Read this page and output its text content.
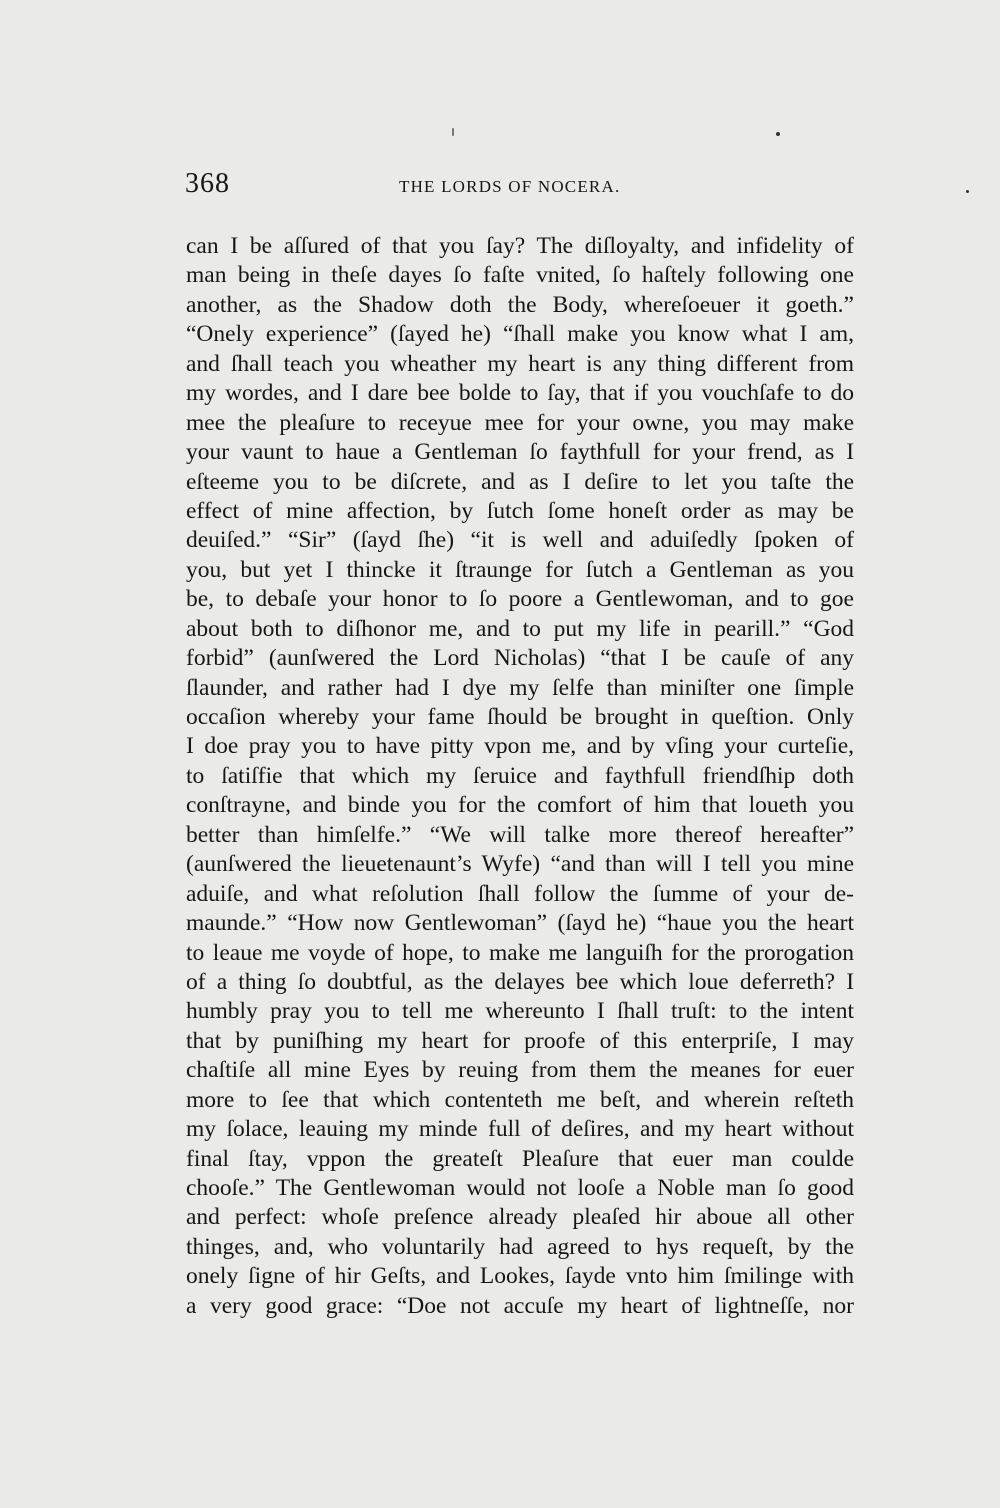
368	THE LORDS OF NOCERA.
can I be aſſured of that you ſay? The diſloyalty, and infidelity of
man being in theſe dayes ſo faſte vnited, ſo haſtely following one
another, as the Shadow doth the Body, whereſoeuer it goeth.”
“Onely experience” (ſayed he) “ſhall make you know what I am,
and ſhall teach you wheather my heart is any thing different from
my wordes, and I dare bee bolde to ſay, that if you vouchſafe to do
mee the pleaſure to receyue mee for your owne, you may make
your vaunt to haue a Gentleman ſo faythfull for your frend, as I
eſteeme you to be diſcrete, and as I deſire to let you taſte the
effect of mine affection, by ſutch ſome honeſt order as may be
deuiſed.” “Sir” (ſayd ſhe) “it is well and aduiſedly ſpoken of
you, but yet I thincke it ſtraunge for ſutch a Gentleman as you
be, to debaſe your honor to ſo poore a Gentlewoman, and to goe
about both to diſhonor me, and to put my life in pearill.” “God
forbid” (aunſwered the Lord Nicholas) “that I be cauſe of any
ſlaunder, and rather had I dye my ſelfe than miniſter one ſimple
occaſion whereby your fame ſhould be brought in queſtion. Only
I doe pray you to have pitty vpon me, and by vſing your curteſie,
to ſatiſfie that which my ſeruice and faythfull friendſhip doth
conſtrayne, and binde you for the comfort of him that loueth you
better than himſelfe.” “We will talke more thereof hereafter”
(aunſwered the lieuetenaunt’s Wyfe) “and than will I tell you mine
aduiſe, and what reſolution ſhall follow the ſumme of your de-
maunde.” “How now Gentlewoman” (ſayd he) “haue you the heart
to leaue me voyde of hope, to make me languiſh for the prorogation
of a thing ſo doubtful, as the delayes bee which loue deferreth? I
humbly pray you to tell me whereunto I ſhall truſt: to the intent
that by puniſhing my heart for proofe of this enterpriſe, I may
chaſtiſe all mine Eyes by reuing from them the meanes for euer
more to ſee that which contenteth me beſt, and wherein reſteth
my ſolace, leauing my minde full of deſires, and my heart without
final ſtay, vppon the greateſt Pleaſure that euer man coulde
chooſe.” The Gentlewoman would not looſe a Noble man ſo good
and perfect: whoſe preſence already pleaſed hir aboue all other
thinges, and, who voluntarily had agreed to hys requeſt, by the
onely ſigne of hir Geſts, and Lookes, ſayde vnto him ſmilinge with
a very good grace: “Doe not accuſe my heart of lightneſſe, nor
